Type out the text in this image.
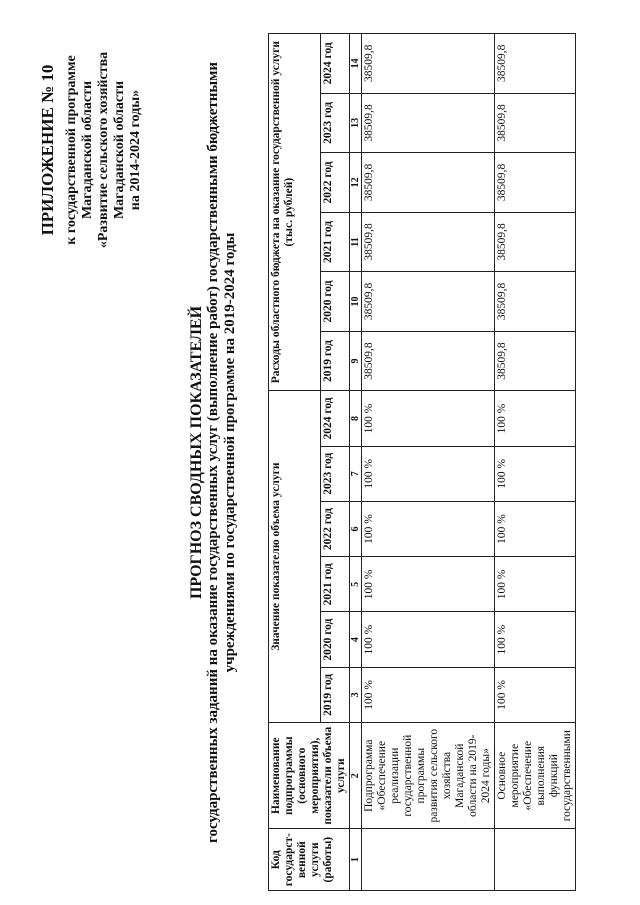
ПРИЛОЖЕНИЕ № 10 к государственной программе Магаданской области «Развитие сельского хозяйства Магаданской области на 2014-2024 годы»
ПРОГНОЗ СВОДНЫХ ПОКАЗАТЕЛЕЙ государственных заданий на оказание государственных услуг (выполнение работ) государственными бюджетными учреждениями по государственной программе на 2019-2024 годы
Код государст- венной услуги (работы)	Наименование подпрограммы (основного мероприятия), показатели объема услуги	Значение показателю объема услуги						Расходы областного бюджета на оказание государственной услуги (тыс. рублей)					
		2019 год	2020 год	2021 год	2022 год	2023 год	2024 год	2019 год	2020 год	2021 год	2022 год	2023 год	2024 год
1	2	3	4	5	6	7	8	9	10	11	12	13	14
	Подпрограмма «Обеспечение реализации государственной программы развития сельского хозяйства Магаданской области на 2019-2024 годы»	100 %	100 %	100 %	100 %	100 %	100 %	38509,8	38509,8	38509,8	38509,8	38509,8	38509,8
	Основное мероприятие «Обеспечение выполнения функций государственными	100 %	100 %	100 %	100 %	100 %	100 %	38509,8	38509,8	38509,8	38509,8	38509,8	38509,8
